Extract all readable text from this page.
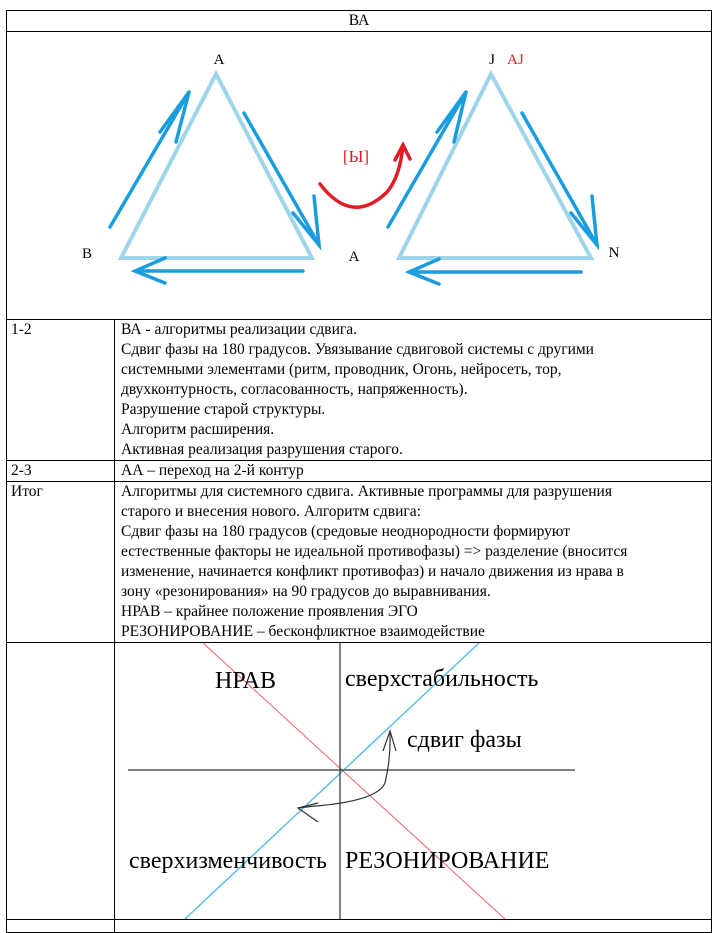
ВА	

[Ы]
A
B	A
J AJ
N

1-2	ВА - алгоритмы реализации сдвига.
Сдвиг фазы на 180 градусов. Увязывание сдвиговой системы с другими
системными элементами (ритм, проводник, Огонь, нейросеть, тор,
двухконтурность, согласованность, напряженность).
Разрушение старой структуры.
Алгоритм расширения.
Активная реализация разрушения старого.

2-3	АА – переход на 2-й контур

Итог	Алгоритмы для системного сдвига. Активные программы для разрушения
старого и внесения нового. Алгоритм сдвига:
Сдвиг фазы на 180 градусов (средовые неоднородности формируют
естественные факторы не идеальной противофазы) => разделение (вносится
изменение, начинается конфликт противофаз) и начало движения из нрава в
зону «резонирования» на 90 градусов до выравнивания.
НРАВ – крайнее положение проявления ЭГО
РЕЗОНИРОВАНИЕ – бесконфликтное взаимодействие

НРАВ сверхстабильность
сдвиг фазы
сверхизменчивость РЕЗОНИРОВАНИЕ
